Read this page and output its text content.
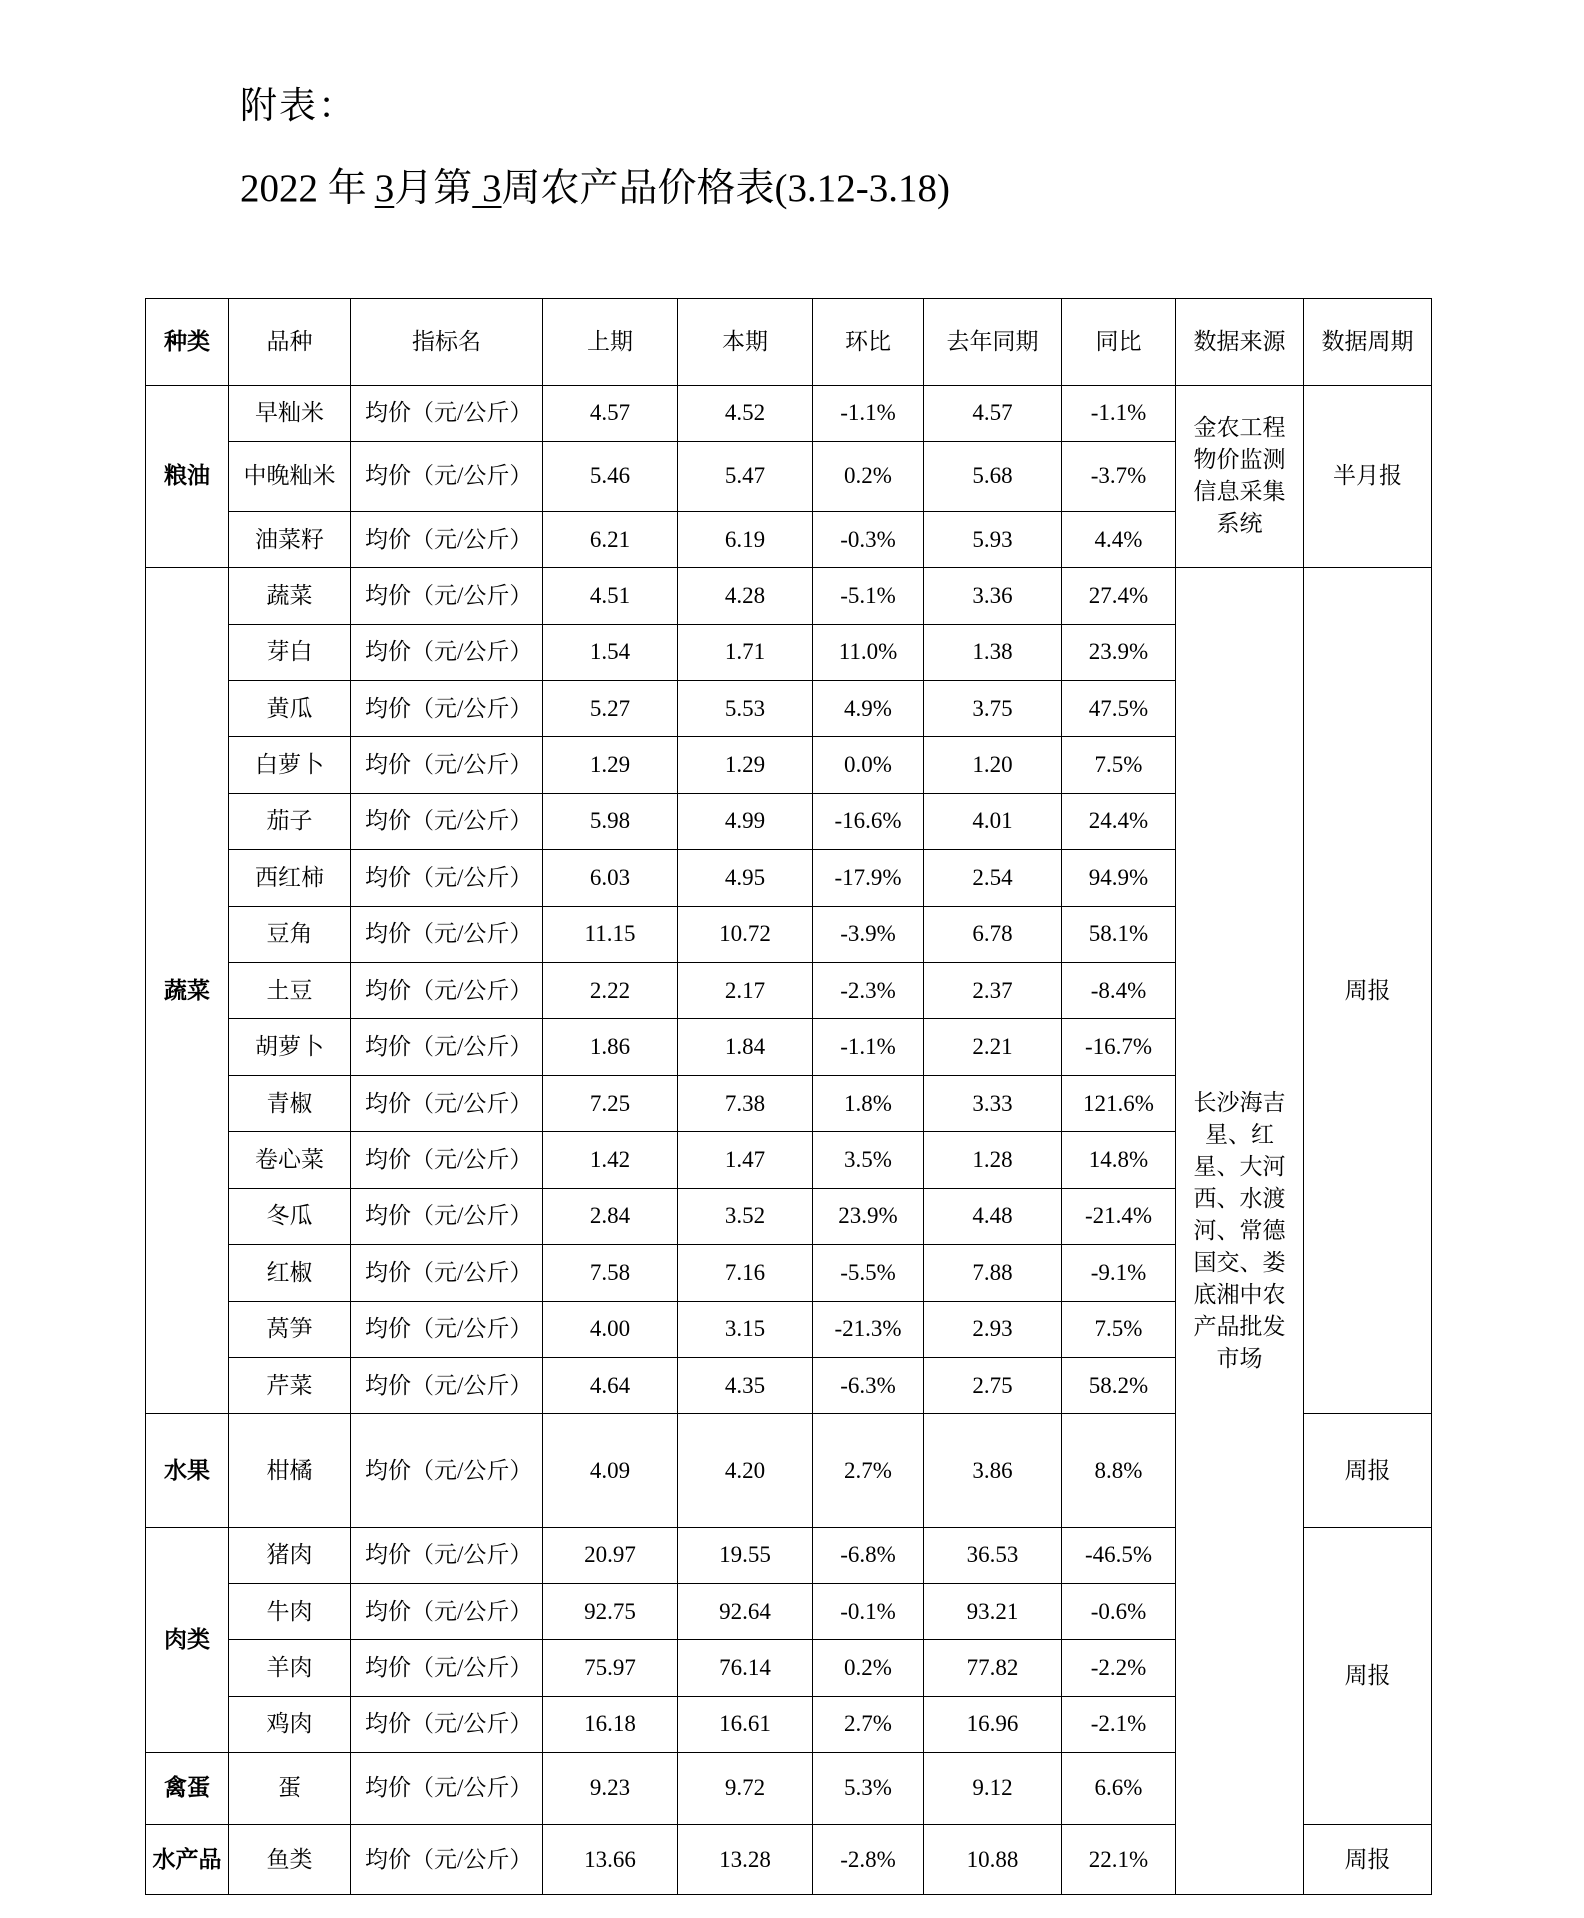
附表：
2022 年 3月第 3周农产品价格表(3.12-3.18)
种类	品种	指标名	上期	本期	环比	去年同期	同比	数据来源	数据周期
粮油	早籼米	均价（元/公斤）	4.57	4.52	-1.1%	4.57	-1.1%	金农工程物价监测信息采集系统	半月报
	中晚籼米	均价（元/公斤）	5.46	5.47	0.2%	5.68	-3.7%		
	油菜籽	均价（元/公斤）	6.21	6.19	-0.3%	5.93	4.4%		
蔬菜	蔬菜	均价（元/公斤）	4.51	4.28	-5.1%	3.36	27.4%	长沙海吉星、红星、大河西、水渡河、常德国交、娄底湘中农产品批发市场	周报
	芽白	均价（元/公斤）	1.54	1.71	11.0%	1.38	23.9%		
	黄瓜	均价（元/公斤）	5.27	5.53	4.9%	3.75	47.5%		
	白萝卜	均价（元/公斤）	1.29	1.29	0.0%	1.20	7.5%		
	茄子	均价（元/公斤）	5.98	4.99	-16.6%	4.01	24.4%		
	西红柿	均价（元/公斤）	6.03	4.95	-17.9%	2.54	94.9%		
	豆角	均价（元/公斤）	11.15	10.72	-3.9%	6.78	58.1%		
	土豆	均价（元/公斤）	2.22	2.17	-2.3%	2.37	-8.4%		
	胡萝卜	均价（元/公斤）	1.86	1.84	-1.1%	2.21	-16.7%		
	青椒	均价（元/公斤）	7.25	7.38	1.8%	3.33	121.6%		
	卷心菜	均价（元/公斤）	1.42	1.47	3.5%	1.28	14.8%		
	冬瓜	均价（元/公斤）	2.84	3.52	23.9%	4.48	-21.4%		
	红椒	均价（元/公斤）	7.58	7.16	-5.5%	7.88	-9.1%		
	莴笋	均价（元/公斤）	4.00	3.15	-21.3%	2.93	7.5%		
	芹菜	均价（元/公斤）	4.64	4.35	-6.3%	2.75	58.2%		
水果	柑橘	均价（元/公斤）	4.09	4.20	2.7%	3.86	8.8%		周报
肉类	猪肉	均价（元/公斤）	20.97	19.55	-6.8%	36.53	-46.5%		周报
	牛肉	均价（元/公斤）	92.75	92.64	-0.1%	93.21	-0.6%		
	羊肉	均价（元/公斤）	75.97	76.14	0.2%	77.82	-2.2%		
	鸡肉	均价（元/公斤）	16.18	16.61	2.7%	16.96	-2.1%		
禽蛋	蛋	均价（元/公斤）	9.23	9.72	5.3%	9.12	6.6%		
水产品	鱼类	均价（元/公斤）	13.66	13.28	-2.8%	10.88	22.1%		周报
